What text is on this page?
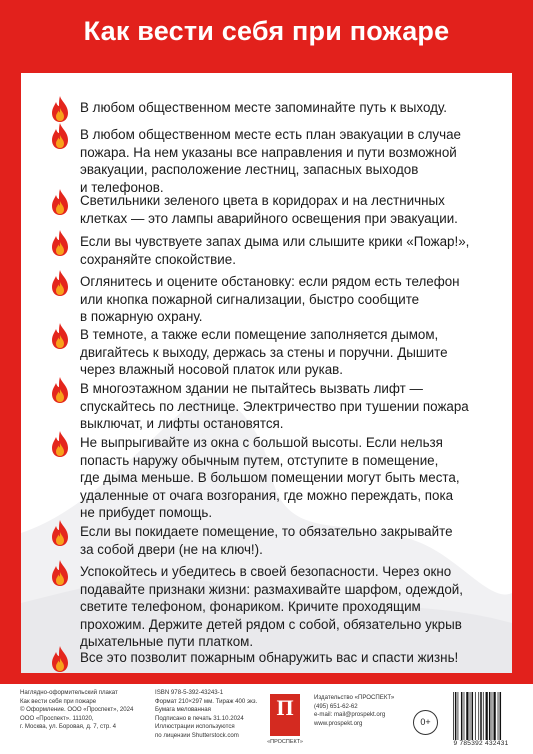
Как вести себя при пожаре
В любом общественном месте запоминайте путь к выходу.
В любом общественном месте есть план эвакуации в случае
пожара. На нем указаны все направления и пути возможной
эвакуации, расположение лестниц, запасных выходов
и телефонов.
Светильники зеленого цвета в коридорах и на лестничных
клетках — это лампы аварийного освещения при эвакуации.
Если вы чувствуете запах дыма или слышите крики «Пожар!»,
сохраняйте спокойствие.
Оглянитесь и оцените обстановку: если рядом есть телефон
или кнопка пожарной сигнализации, быстро сообщите
в пожарную охрану.
В темноте, а также если помещение заполняется дымом,
двигайтесь к выходу, держась за стены и поручни. Дышите
через влажный носовой платок или рукав.
В многоэтажном здании не пытайтесь вызвать лифт —
спускайтесь по лестнице. Электричество при тушении пожара
выключат, и лифты остановятся.
Не выпрыгивайте из окна с большой высоты. Если нельзя
попасть наружу обычным путем, отступите в помещение,
где дыма меньше. В большом помещении могут быть места,
удаленные от очага возгорания, где можно переждать, пока
не прибудет помощь.
Если вы покидаете помещение, то обязательно закрывайте
за собой двери (не на ключ!).
Успокойтесь и убедитесь в своей безопасности. Через окно
подавайте признаки жизни: размахивайте шарфом, одеждой,
светите телефоном, фонариком. Кричите проходящим
прохожим. Держите детей рядом с собой, обязательно укрыв
дыхательные пути платком.
Все это позволит пожарным обнаружить вас и спасти жизнь!
Наглядно-оформительский плакат
Как вести себя при пожаре
© Оформление. ООО «Проспект», 2024
ООО «Проспект». 111020,
г. Москва, ул. Боровая, д. 7, стр. 4
ISBN 978-5-392-43243-1
Формат 210×297 мм. Тираж 400 экз.
Бумага мелованная
Подписано в печать 31.10.2024
Иллюстрации используются
по лицензии Shutterstock.com
П
«ПРОСПЕКТ»
Издательство «ПРОСПЕКТ»
(495) 651-62-62
e-mail: mail@prospekt.org
www.prospekt.org	0+
9 785392 432431
